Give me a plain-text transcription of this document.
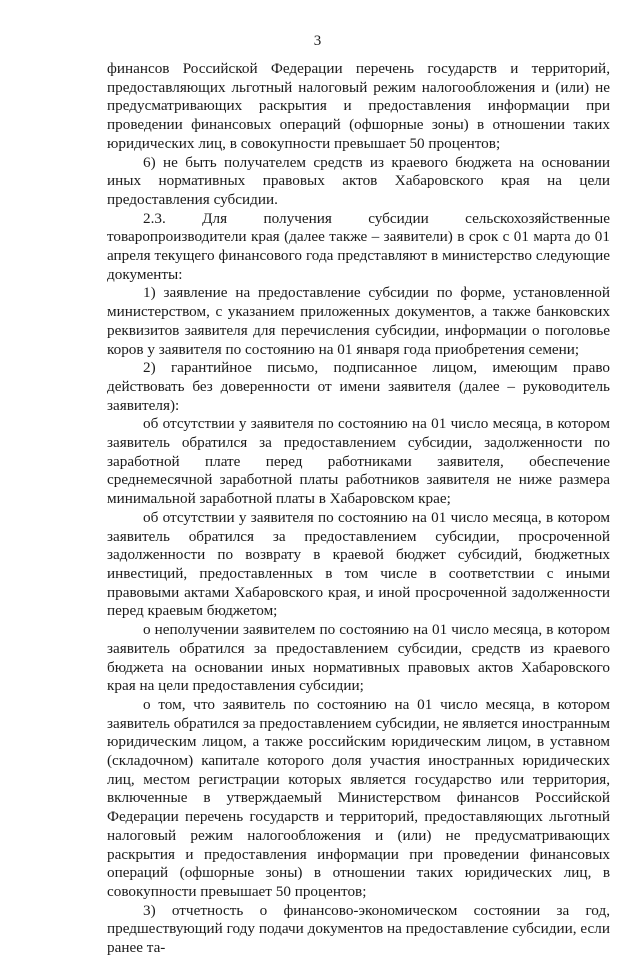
3

финансов Российской Федерации перечень государств и территорий, предоставляющих льготный налоговый режим налогообложения и (или) не предусматривающих раскрытия и предоставления информации при проведении финансовых операций (офшорные зоны) в отношении таких юридических лиц, в совокупности превышает 50 процентов;

6) не быть получателем средств из краевого бюджета на основании иных нормативных правовых актов Хабаровского края на цели предоставления субсидии.

2.3. Для получения субсидии сельскохозяйственные товаропроизводители края (далее также – заявители) в срок с 01 марта до 01 апреля текущего финансового года представляют в министерство следующие документы:

1) заявление на предоставление субсидии по форме, установленной министерством, с указанием приложенных документов, а также банковских реквизитов заявителя для перечисления субсидии, информации о поголовье коров у заявителя по состоянию на 01 января года приобретения семени;

2) гарантийное письмо, подписанное лицом, имеющим право действовать без доверенности от имени заявителя (далее – руководитель заявителя):

об отсутствии у заявителя по состоянию на 01 число месяца, в котором заявитель обратился за предоставлением субсидии, задолженности по заработной плате перед работниками заявителя, обеспечение среднемесячной заработной платы работников заявителя не ниже размера минимальной заработной платы в Хабаровском крае;

об отсутствии у заявителя по состоянию на 01 число месяца, в котором заявитель обратился за предоставлением субсидии, просроченной задолженности по возврату в краевой бюджет субсидий, бюджетных инвестиций, предоставленных в том числе в соответствии с иными правовыми актами Хабаровского края, и иной просроченной задолженности перед краевым бюджетом;

о неполучении заявителем по состоянию на 01 число месяца, в котором заявитель обратился за предоставлением субсидии, средств из краевого бюджета на основании иных нормативных правовых актов Хабаровского края на цели предоставления субсидии;

о том, что заявитель по состоянию на 01 число месяца, в котором заявитель обратился за предоставлением субсидии, не является иностранным юридическим лицом, а также российским юридическим лицом, в уставном (складочном) капитале которого доля участия иностранных юридических лиц, местом регистрации которых является государство или территория, включенные в утверждаемый Министерством финансов Российской Федерации перечень государств и территорий, предоставляющих льготный налоговый режим налогообложения и (или) не предусматривающих раскрытия и предоставления информации при проведении финансовых операций (офшорные зоны) в отношении таких юридических лиц, в совокупности превышает 50 процентов;

3) отчетность о финансово-экономическом состоянии за год, предшествующий году подачи документов на предоставление субсидии, если ранее та-
